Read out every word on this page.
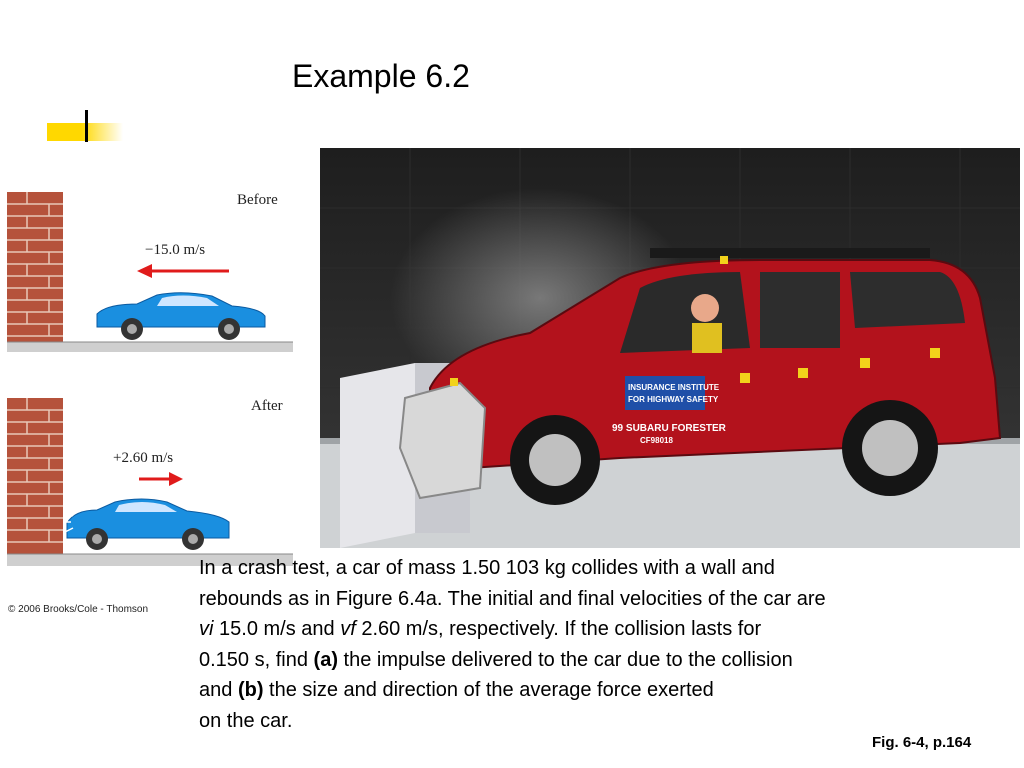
Example 6.2
Before
−15.0 m/s
After
+2.60 m/s
© 2006 Brooks/Cole - Thomson
INSURANCE INSTITUTE
FOR HIGHWAY SAFETY
99 SUBARU FORESTER
CF98018

In a crash test, a car of mass 1.50 103 kg collides with a wall and

rebounds as in Figure 6.4a. The initial and final velocities of the car are

vi 15.0 m/s and vf 2.60 m/s, respectively. If the collision lasts for

0.150 s, find (a) the impulse delivered to the car due to the collision

and (b) the size and direction of the average force exerted

on the car.

Fig. 6-4, p.164
